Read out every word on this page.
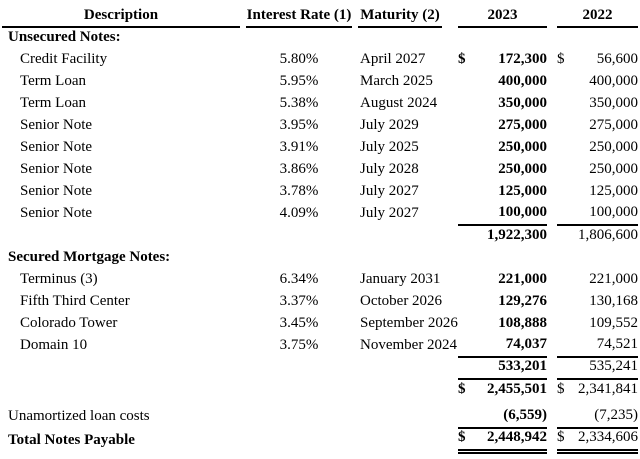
Description		Interest Rate (1)		Maturity (2)		2023		2022
Unsecured Notes:								
Credit Facility		5.80%		April 2027		$ 172,300		$ 56,600

Term Loan		5.95%		March 2025		400,000		400,000
Term Loan		5.38%		August 2024		350,000		350,000
Senior Note		3.95%		July 2029		275,000		275,000
Senior Note		3.91%		July 2025		250,000		250,000
Senior Note		3.86%		July 2028		250,000		250,000
Senior Note		3.78%		July 2027		125,000		125,000
Senior Note		4.09%		July 2027		100,000		100,000
						1,922,300		1,806,600
Secured Mortgage Notes:								
Terminus (3)		6.34%		January 2031		221,000		221,000
Fifth Third Center		3.37%		October 2026		129,276		130,168
Colorado Tower		3.45%		September 2026		108,888		109,552
Domain 10		3.75%		November 2024		74,037		74,521
						533,201		535,241

						$ 2,455,501		$ 2,341,841

Unamortized loan costs						(6,559)		(7,235)
Total Notes Payable						$ 2,448,942		$ 2,334,606
